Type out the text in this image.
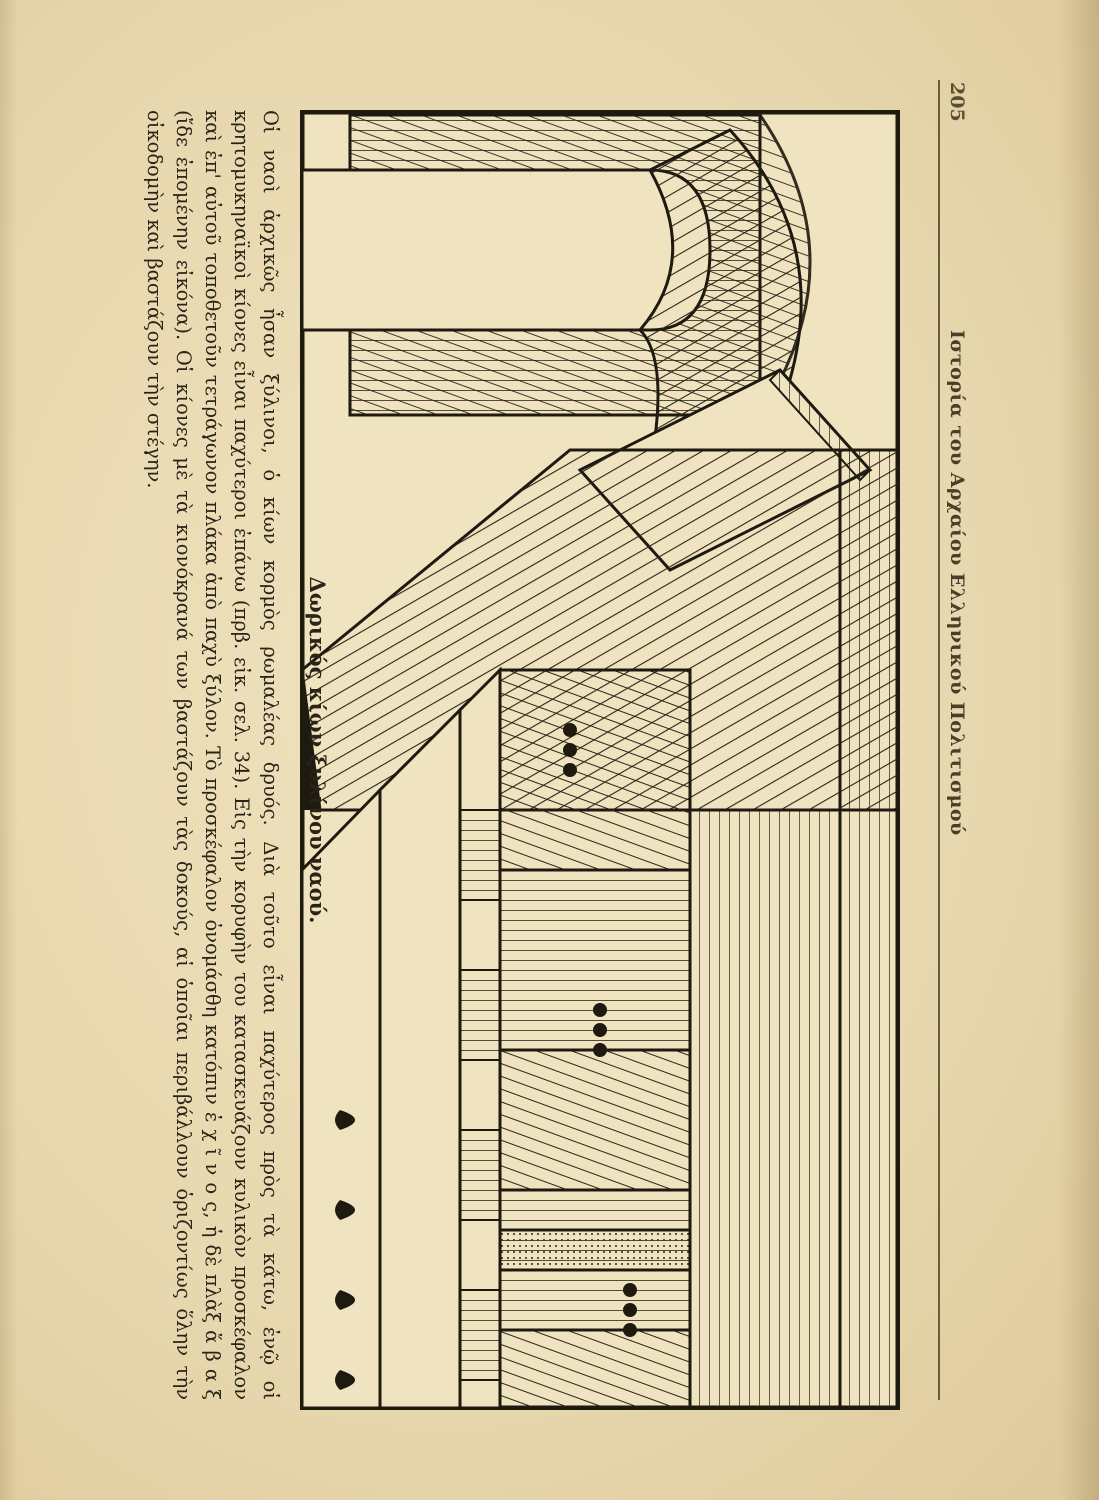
205
Ιστορία του Αρχαίου Ελληνικού Πολιτισμού
Δωρικός κίων ξυλίνου ναού.

Οἱ ναοὶ ἀρχικῶς ἦσαν ξύλινοι, ὁ κίων κορμὸς ρωμαλέας δρυός. Διὰ τοῦτο εἶναι παχύτερος πρὸς τὰ κάτω, ἐνῷ οἱ κρητομυκηναϊκοὶ κίονες εἶναι παχύτεροι ἐπάνω (πρβ. εἰκ. σελ. 34). Εἰς τὴν κορυφὴν του κατασκευάζουν κυλικὸν προσκέφαλον καὶ ἐπ' αὐτοῦ τοποθετοῦν τετράγωνον πλάκα ἀπὸ παχὺ ξύλον. Τὸ προσκέφαλον ὀνομάσθη κατόπιν ἐ χ ῖ ν ο ς, ἡ δὲ πλὰξ ἄ β α ξ (ἴδε ἐπομένην εἰκόνα). Οἱ κίονες μὲ τὰ κιονόκρανά των βαστάζουν τὰς δοκούς, αἱ ὁποῖαι περιβάλλουν ὁριζοντίως ὅλην τὴν οἰκοδομὴν καὶ βαστάζουν τὴν στέγην.
